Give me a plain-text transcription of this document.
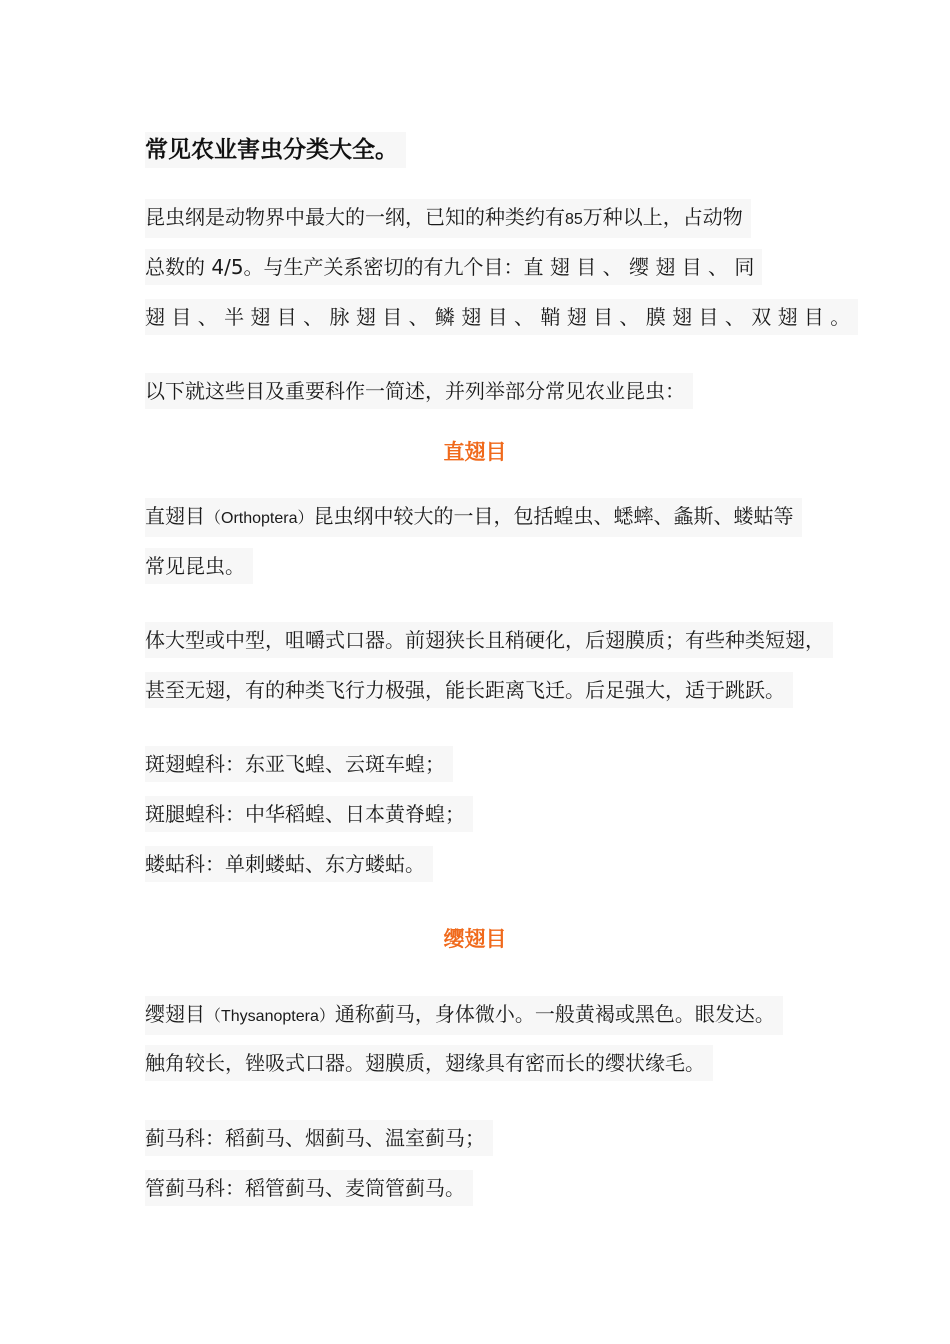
常见农业害虫分类大全。

昆虫纲是动物界中最大的一纲，已知的种类约有85万种以上，占动物

总数的 4/5。与生产关系密切的有九个目：直 翅 目 、 缨 翅 目 、 同

翅 目 、 半 翅 目 、 脉 翅 目 、 鳞 翅 目 、 鞘 翅 目 、 膜 翅 目 、 双 翅 目 。

以下就这些目及重要科作一简述，并列举部分常见农业昆虫：

直翅目

直翅目（Orthoptera）昆虫纲中较大的一目，包括蝗虫、蟋蟀、螽斯、蝼蛄等

常见昆虫。

体大型或中型，咀嚼式口器。前翅狭长且稍硬化，后翅膜质；有些种类短翅，

甚至无翅，有的种类飞行力极强，能长距离飞迁。后足强大，适于跳跃。

斑翅蝗科：东亚飞蝗、云斑车蝗；

斑腿蝗科：中华稻蝗、日本黄脊蝗；

蝼蛄科：单刺蝼蛄、东方蝼蛄。

缨翅目

缨翅目（Thysanoptera）通称蓟马，身体微小。一般黄褐或黑色。眼发达。

触角较长，锉吸式口器。翅膜质，翅缘具有密而长的缨状缘毛。

蓟马科：稻蓟马、烟蓟马、温室蓟马；

管蓟马科：稻管蓟马、麦筒管蓟马。
